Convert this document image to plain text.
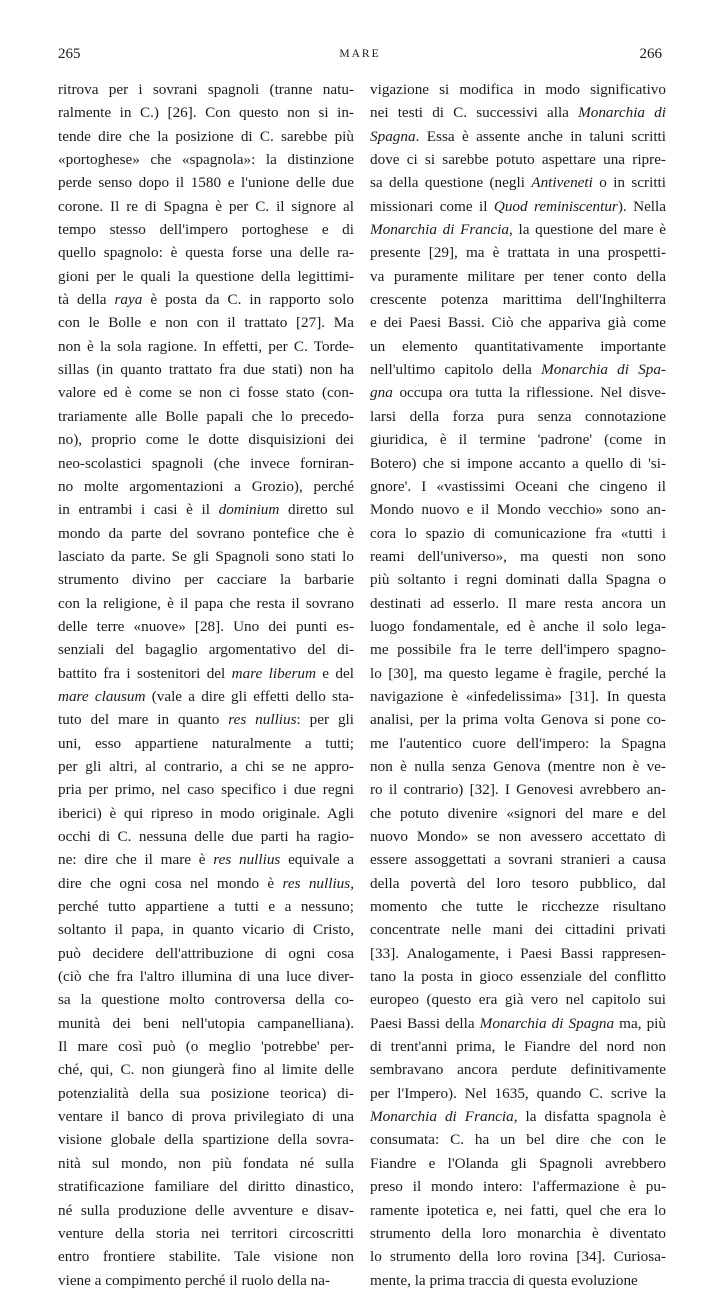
265	MARE	266
ritrova per i sovrani spagnoli (tranne natu-
ralmente in C.) [26]. Con questo non si in-
tende dire che la posizione di C. sarebbe più
«portoghese» che «spagnola»: la distinzione
perde senso dopo il 1580 e l'unione delle due
corone. Il re di Spagna è per C. il signore al
tempo stesso dell'impero portoghese e di
quello spagnolo: è questa forse una delle ra-
gioni per le quali la questione della legittimi-
tà della raya è posta da C. in rapporto solo
con le Bolle e non con il trattato [27]. Ma
non è la sola ragione. In effetti, per C. Torde-
sillas (in quanto trattato fra due stati) non ha
valore ed è come se non ci fosse stato (con-
trariamente alle Bolle papali che lo precedo-
no), proprio come le dotte disquisizioni dei
neo-scolastici spagnoli (che invece forniran-
no molte argomentazioni a Grozio), perché
in entrambi i casi è il dominium diretto sul
mondo da parte del sovrano pontefice che è
lasciato da parte. Se gli Spagnoli sono stati lo
strumento divino per cacciare la barbarie
con la religione, è il papa che resta il sovrano
delle terre «nuove» [28]. Uno dei punti es-
senziali del bagaglio argomentativo del di-
battito fra i sostenitori del mare liberum e del
mare clausum (vale a dire gli effetti dello sta-
tuto del mare in quanto res nullius: per gli
uni, esso appartiene naturalmente a tutti;
per gli altri, al contrario, a chi se ne appro-
pria per primo, nel caso specifico i due regni
iberici) è qui ripreso in modo originale. Agli
occhi di C. nessuna delle due parti ha ragio-
ne: dire che il mare è res nullius equivale a
dire che ogni cosa nel mondo è res nullius,
perché tutto appartiene a tutti e a nessuno;
soltanto il papa, in quanto vicario di Cristo,
può decidere dell'attribuzione di ogni cosa
(ciò che fra l'altro illumina di una luce diver-
sa la questione molto controversa della co-
munità dei beni nell'utopia campanelliana).
Il mare così può (o meglio 'potrebbe' per-
ché, qui, C. non giungerà fino al limite delle
potenzialità della sua posizione teorica) di-
ventare il banco di prova privilegiato di una
visione globale della spartizione della sovra-
nità sul mondo, non più fondata né sulla
stratificazione familiare del diritto dinastico,
né sulla produzione delle avventure e disav-
venture della storia nei territori circoscritti
entro frontiere stabilite. Tale visione non
viene a compimento perché il ruolo della na-
vigazione si modifica in modo significativo
nei testi di C. successivi alla Monarchia di
Spagna. Essa è assente anche in taluni scritti
dove ci si sarebbe potuto aspettare una ripre-
sa della questione (negli Antiveneti o in scritti
missionari come il Quod reminiscentur). Nella
Monarchia di Francia, la questione del mare è
presente [29], ma è trattata in una prospetti-
va puramente militare per tener conto della
crescente potenza marittima dell'Inghilterra
e dei Paesi Bassi. Ciò che appariva già come
un elemento quantitativamente importante
nell'ultimo capitolo della Monarchia di Spa-
gna occupa ora tutta la riflessione. Nel disve-
larsi della forza pura senza connotazione
giuridica, è il termine 'padrone' (come in
Botero) che si impone accanto a quello di 'si-
gnore'. I «vastissimi Oceani che cingeno il
Mondo nuovo e il Mondo vecchio» sono an-
cora lo spazio di comunicazione fra «tutti i
reami dell'universo», ma questi non sono
più soltanto i regni dominati dalla Spagna o
destinati ad esserlo. Il mare resta ancora un
luogo fondamentale, ed è anche il solo lega-
me possibile fra le terre dell'impero spagno-
lo [30], ma questo legame è fragile, perché la
navigazione è «infedelissima» [31]. In questa
analisi, per la prima volta Genova si pone co-
me l'autentico cuore dell'impero: la Spagna
non è nulla senza Genova (mentre non è ve-
ro il contrario) [32]. I Genovesi avrebbero an-
che potuto divenire «signori del mare e del
nuovo Mondo» se non avessero accettato di
essere assoggettati a sovrani stranieri a causa
della povertà del loro tesoro pubblico, dal
momento che tutte le ricchezze risultano
concentrate nelle mani dei cittadini privati
[33]. Analogamente, i Paesi Bassi rappresen-
tano la posta in gioco essenziale del conflitto
europeo (questo era già vero nel capitolo sui
Paesi Bassi della Monarchia di Spagna ma, più
di trent'anni prima, le Fiandre del nord non
sembravano ancora perdute definitivamente
per l'Impero). Nel 1635, quando C. scrive la
Monarchia di Francia, la disfatta spagnola è
consumata: C. ha un bel dire che con le
Fiandre e l'Olanda gli Spagnoli avrebbero
preso il mondo intero: l'affermazione è pu-
ramente ipotetica e, nei fatti, quel che era lo
strumento della loro monarchia è diventato
lo strumento della loro rovina [34]. Curiosa-
mente, la prima traccia di questa evoluzione
